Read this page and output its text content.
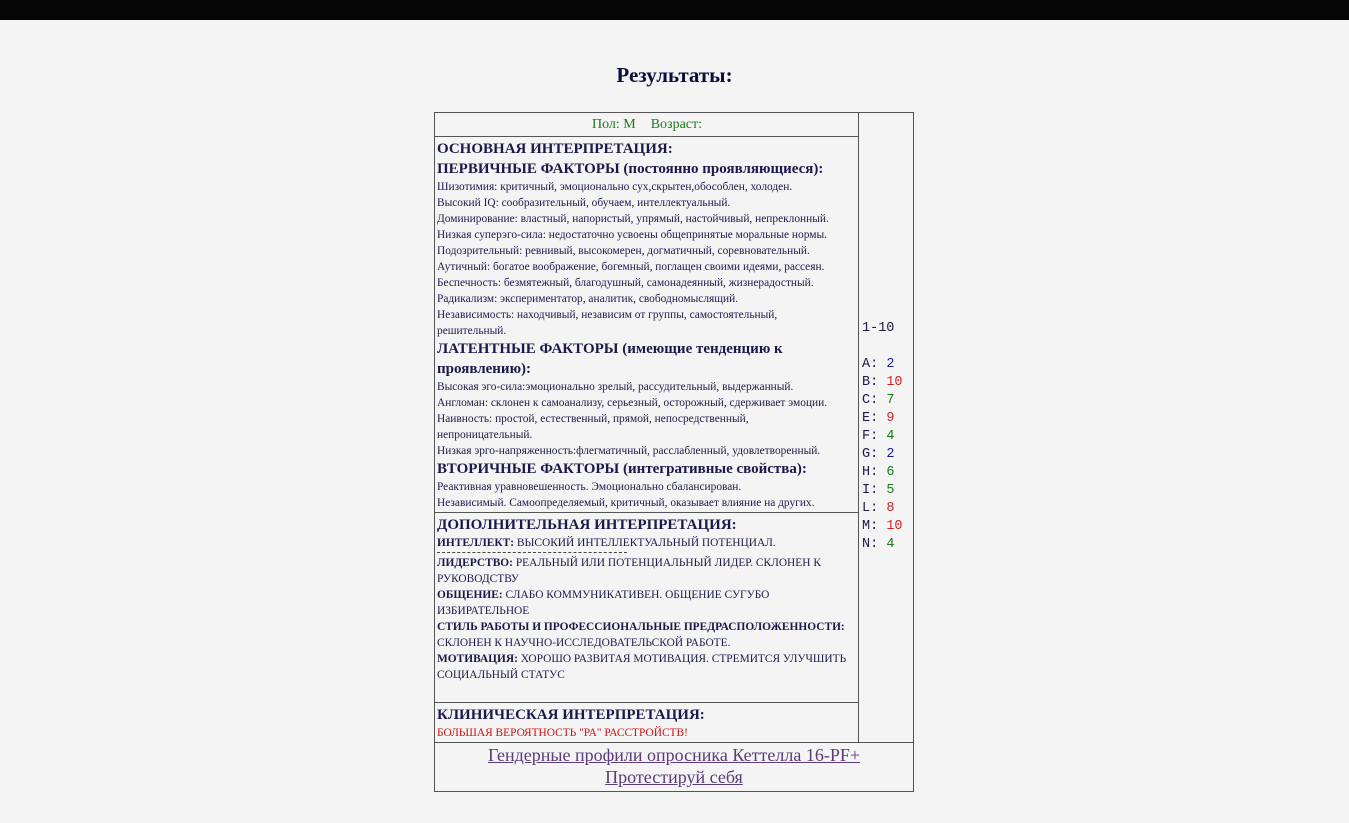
Результаты:
Пол: М Возраст:
ОСНОВНАЯ ИНТЕРПРЕТАЦИЯ:
ПЕРВИЧНЫЕ ФАКТОРЫ (постоянно проявляющиеся):
Шизотимия: критичный, эмоционально сух,скрытен,обособлен, холоден.
Высокий IQ: сообразительный, обучаем, интеллектуальный.
Доминирование: властный, напористый, упрямый, настойчивый, непреклонный.
Низкая суперэго-сила: недостаточно усвоены общепринятые моральные нормы.
Подозрительный: ревнивый, высокомерен, догматичный, соревновательный.
Аутичный: богатое воображение, богемный, поглащен своими идеями, рассеян.
Беспечность: безмятежный, благодушный, самонадеянный, жизнерадостный.
Радикализм: экспериментатор, аналитик, свободномыслящий.
Независимость: находчивый, независим от группы, самостоятельный,
решительный.
ЛАТЕНТНЫЕ ФАКТОРЫ (имеющие тенденцию к
проявлению):
Высокая эго-сила:эмоционально зрелый, рассудительный, выдержанный.
Англоман: склонен к самоанализу, серьезный, осторожный, сдерживает эмоции.
Наивность: простой, естественный, прямой, непосредственный,
непроницательный.
Низкая эрго-напряженность:флегматичный, расслабленный, удовлетворенный.
ВТОРИЧНЫЕ ФАКТОРЫ (интегративные свойства):
Реактивная уравновешенность. Эмоционально сбалансирован.
Независимый. Самоопределяемый, критичный, оказывает влияние на других.
ДОПОЛНИТЕЛЬНАЯ ИНТЕРПРЕТАЦИЯ:
ИНТЕЛЛЕКТ: ВЫСОКИЙ ИНТЕЛЛЕКТУАЛЬНЫЙ ПОТЕНЦИАЛ.
ЛИДЕРСТВО: РЕАЛЬНЫЙ ИЛИ ПОТЕНЦИАЛЬНЫЙ ЛИДЕР. СКЛОНЕН К РУКОВОДСТВУ
ОБЩЕНИЕ: СЛАБО КОММУНИКАТИВЕН. ОБЩЕНИЕ СУГУБО ИЗБИРАТЕЛЬНОЕ
СТИЛЬ РАБОТЫ И ПРОФЕССИОНАЛЬНЫЕ ПРЕДРАСПОЛОЖЕННОСТИ: СКЛОНЕН К НАУЧНО-ИССЛЕДОВАТЕЛЬСКОЙ РАБОТЕ.
МОТИВАЦИЯ: ХОРОШО РАЗВИТАЯ МОТИВАЦИЯ. СТРЕМИТСЯ УЛУЧШИТЬ СОЦИАЛЬНЫЙ СТАТУС
КЛИНИЧЕСКАЯ ИНТЕРПРЕТАЦИЯ:
БОЛЬШАЯ ВЕРОЯТНОСТЬ "РА" РАССТРОЙСТВ!
1-10
A: 2
B: 10
C: 7
E: 9
F: 4
G: 2
H: 6
I: 5
L: 8
M: 10
N: 4
Гендерные профили опросника Кеттелла 16-PF+
Протестируй себя
